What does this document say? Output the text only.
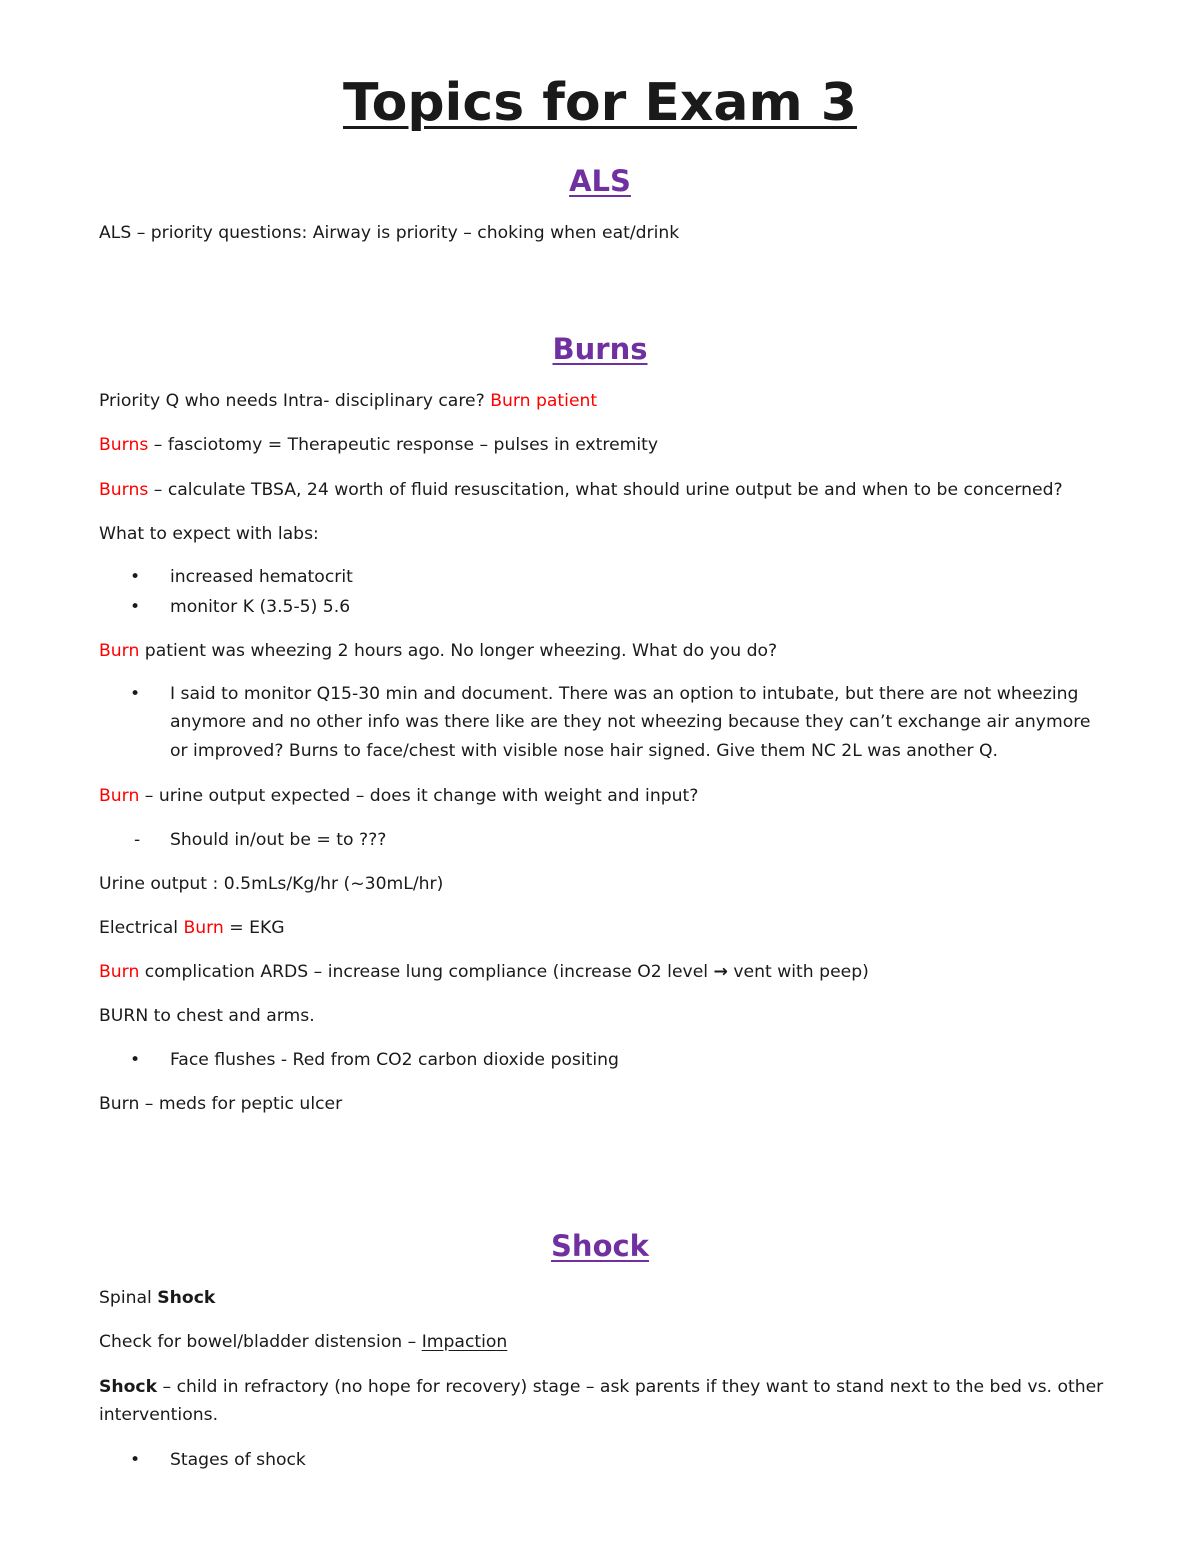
Topics for Exam 3
ALS

ALS – priority questions: Airway is priority – choking when eat/drink

Burns

Priority Q who needs Intra- disciplinary care? Burn patient

Burns – fasciotomy = Therapeutic response – pulses in extremity

Burns – calculate TBSA, 24 worth of fluid resuscitation, what should urine output be and when to be concerned?

What to expect with labs:

• increased hematocrit

• monitor K (3.5-5) 5.6

Burn patient was wheezing 2 hours ago. No longer wheezing. What do you do?

• I said to monitor Q15-30 min and document. There was an option to intubate, but there are not wheezing

anymore and no other info was there like are they not wheezing because they can’t exchange air anymore

or improved? Burns to face/chest with visible nose hair signed. Give them NC 2L was another Q.

Burn – urine output expected – does it change with weight and input?

- Should in/out be = to ???

Urine output : 0.5mLs/Kg/hr (~30mL/hr)

Electrical Burn = EKG

Burn complication ARDS – increase lung compliance (increase O2 level → vent with peep)

BURN to chest and arms.

• Face flushes - Red from CO2 carbon dioxide positing

Burn – meds for peptic ulcer

Shock

Spinal Shock

Check for bowel/bladder distension – Impaction

Shock – child in refractory (no hope for recovery) stage – ask parents if they want to stand next to the bed vs. other

interventions.

• Stages of shock
